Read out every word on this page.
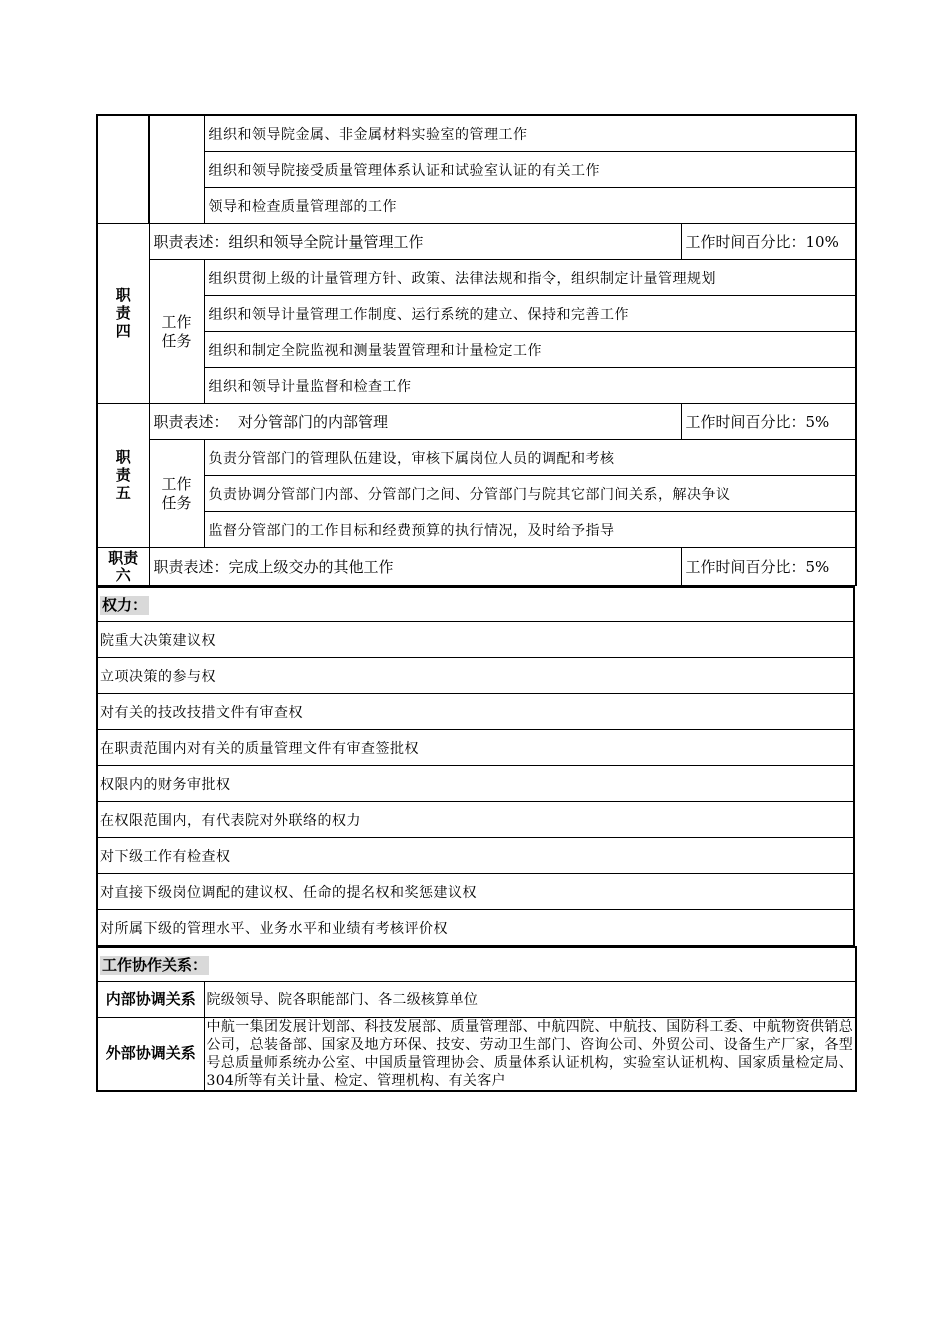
		组织和领导院金属、非金属材料实验室的管理工作	
		组织和领导院接受质量管理体系认证和试验室认证的有关工作	
		领导和检查质量管理部的工作	

职责四	职责表述：组织和领导全院计量管理工作		工作时间百分比：10%

	工作任务	组织贯彻上级的计量管理方针、政策、法律法规和指令，组织制定计量管理规划	
		组织和领导计量管理工作制度、运行系统的建立、保持和完善工作	
		组织和制定全院监视和测量装置管理和计量检定工作	
		组织和领导计量监督和检查工作	

职责五	职责表述：  对分管部门的内部管理		工作时间百分比：5%

	工作任务	负责分管部门的管理队伍建设，审核下属岗位人员的调配和考核	
		负责协调分管部门内部、分管部门之间、分管部门与院其它部门间关系，解决争议	
		监督分管部门的工作目标和经费预算的执行情况，及时给予指导	

职责六	职责表述：完成上级交办的其他工作		工作时间百分比：5%
权力：
院重大决策建议权
立项决策的参与权
对有关的技改技措文件有审查权
在职责范围内对有关的质量管理文件有审查签批权
权限内的财务审批权
在权限范围内，有代表院对外联络的权力
对下级工作有检查权
对直接下级岗位调配的建议权、任命的提名权和奖惩建议权
对所属下级的管理水平、业务水平和业绩有考核评价权
工作协作关系：	
内部协调关系	院级领导、院各职能部门、各二级核算单位
外部协调关系	中航一集团发展计划部、科技发展部、质量管理部、中航四院、中航技、国防科工委、中航物资供销总公司，总装备部、国家及地方环保、技安、劳动卫生部门、咨询公司、外贸公司、设备生产厂家，各型号总质量师系统办公室、中国质量管理协会、质量体系认证机构，实验室认证机构、国家质量检定局、304所等有关计量、检定、管理机构、有关客户
